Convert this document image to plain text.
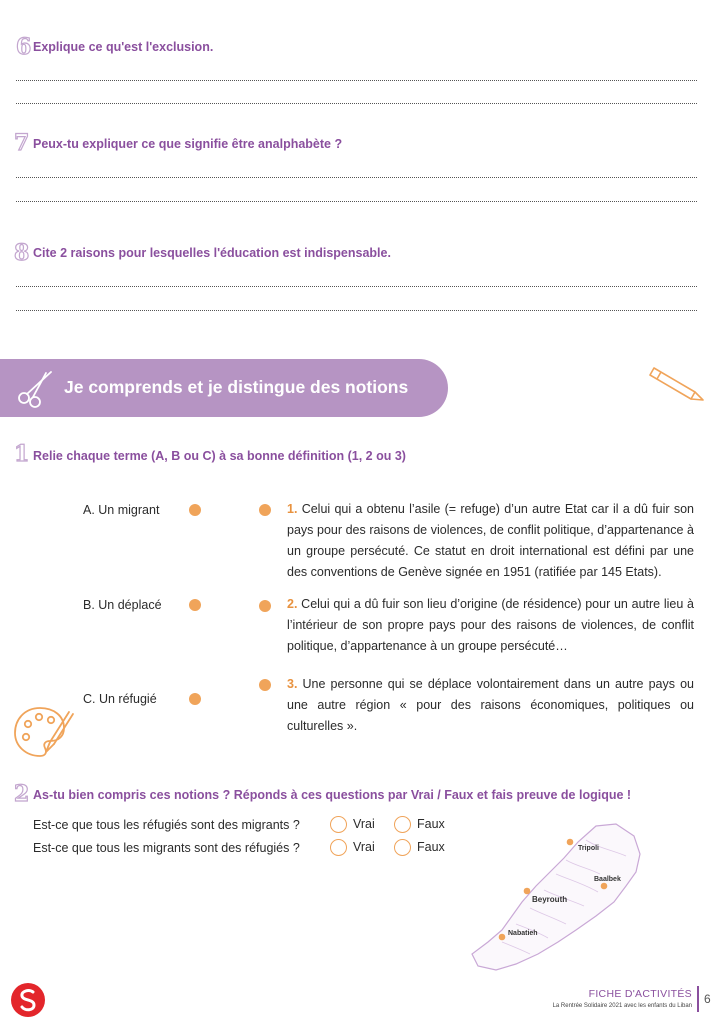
6 Explique ce qu'est l'exclusion.
7 Peux-tu expliquer ce que signifie être analphabète ?
8 Cite 2 raisons pour lesquelles l'éducation est indispensable.
Je comprends et je distingue des notions
1 Relie chaque terme (A, B ou C) à sa bonne définition (1, 2 ou 3)
A. Un migrant
B. Un déplacé
C. Un réfugié
1. Celui qui a obtenu l’asile (= refuge) d’un autre Etat car il a dû fuir son pays pour des raisons de violences, de conflit politique, d’appartenance à un groupe persécuté. Ce statut en droit international est défini par une des conventions de Genève signée en 1951 (ratifiée par 145 Etats).
2. Celui qui a dû fuir son lieu d’origine (de résidence) pour un autre lieu à l’intérieur de son propre pays pour des raisons de violences, de conflit politique, d’appartenance à un groupe persécuté…
3. Une personne qui se déplace volontairement dans un autre pays ou une autre région « pour des raisons économiques, politiques ou culturelles ».
2 As-tu bien compris ces notions ? Réponds à ces questions par Vrai / Faux et fais preuve de logique !
Est-ce que tous les réfugiés sont des migrants ?	Vrai	Faux
Est-ce que tous les migrants sont des réfugiés ?	Vrai	Faux	Tripoli
Baalbek
Beyrouth
Nabatieh
FICHE D'ACTIVITÉS
La Rentrée Solidaire 2021 avec les enfants du Liban 6
